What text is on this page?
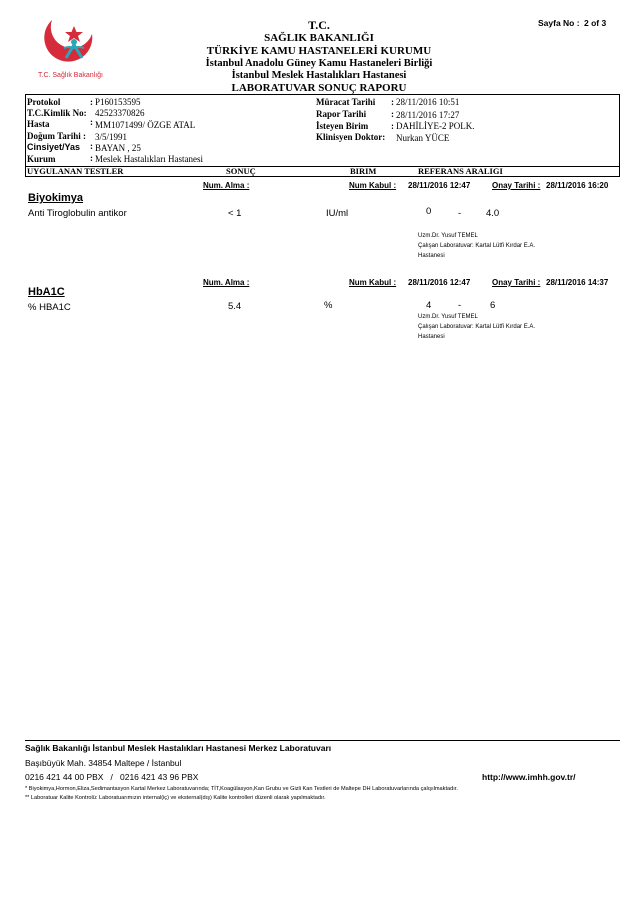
T.C. Sağlık Bakanlığı
T.C.
SAĞLIK BAKANLIĞI
TÜRKİYE KAMU HASTANELERİ KURUMU
İstanbul Anadolu Güney Kamu Hastaneleri Birliği
İstanbul Meslek Hastalıkları Hastanesi
LABORATUVAR SONUÇ RAPORU
Sayfa No : 2 of 3
Protokol	: P160153595
T.C.Kimlik No: 42523370826
Hasta	: MM1071499/ ÖZGE ATAL
Doğum Tarihi : 3/5/1991
Cinsiyet/Yas : BAYAN , 25
Kurum	: Meslek Hastalıkları Hastanesi
Müracat Tarihi : 28/11/2016 10:51
Rapor Tarihi	: 28/11/2016 17:27
İsteyen Birim	: DAHİLİYE-2 POLK.
Klinisyen Doktor: Nurkan YÜCE
UYGULANAN TESTLER	SONUÇ	BIRIM	REFERANS ARALIGI
Num. Alma :	Num Kabul : 28/11/2016 12:47	Onay Tarihi : 28/11/2016 16:20
Biyokimya
Anti Tiroglobulin antikor	< 1	IU/ml	0	-	4.0
Uzm.Dr. Yusuf TEMEL
Çalışan Laboratuvar: Kartal Lütfi Kırdar E.A.
Hastanesi
Num. Alma :	Num Kabul : 28/11/2016 12:47	Onay Tarihi : 28/11/2016 14:37
HbA1C
% HBA1C	5.4	%	4	-	6
Uzm.Dr. Yusuf TEMEL
Çalışan Laboratuvar: Kartal Lütfi Kırdar E.A.
Hastanesi
Sağlık Bakanlığı İstanbul Meslek Hastalıkları Hastanesi Merkez Laboratuvarı
Başıbüyük Mah. 34854 Maltepe / İstanbul
0216 421 44 00 PBX   /   0216 421 43 96 PBX	http://www.imhh.gov.tr/
* Biyokimya,Hormon,Eliza,Sedimantasyon Kartal Merkez Laboratuvarında; TİT,Koagülasyon,Kan Grubu ve Gizli Kan Testleri de Maltepe DH Laboratuvarlarında çalışılmaktadır.
** Laboratuar Kalite Kontrolü: Laboratuarımızın internal(iç) ve eksternal(dış) Kalite kontrolleri düzenli olarak yapılmaktadır.
